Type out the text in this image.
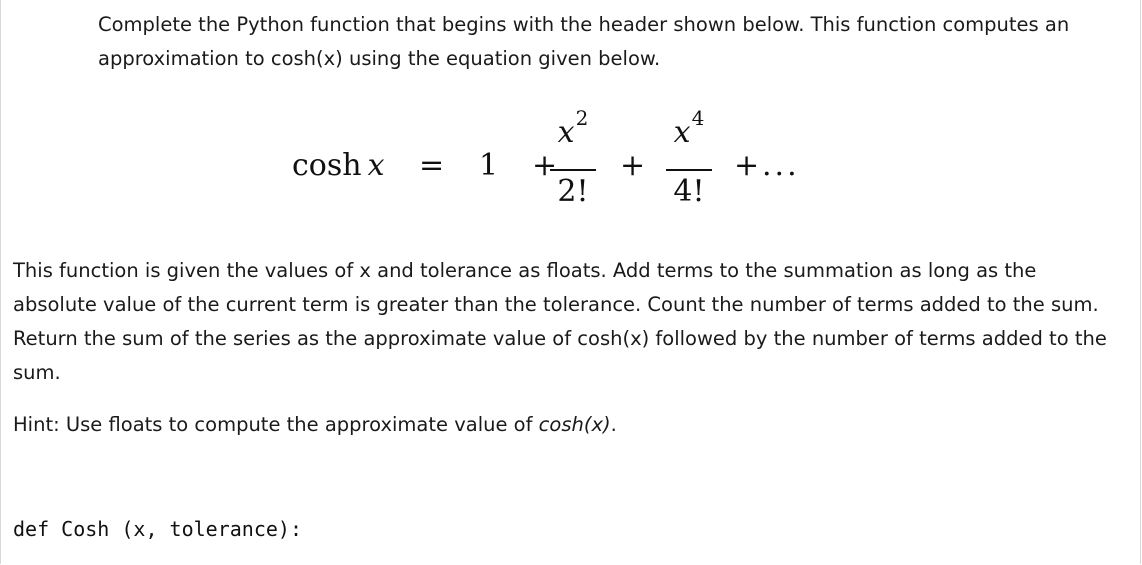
Complete the Python function that begins with the header shown below. This function computes an approximation to cosh(x) using the equation given below.
cosh  x = 1 +
$x^2$
2!
+
$x^4$
4!
+ ...
This function is given the values of x and tolerance as floats. Add terms to the summation as long as the absolute value of the current term is greater than the tolerance. Count the number of terms added to the sum. Return the sum of the series as the approximate value of cosh(x) followed by the number of terms added to the sum.
Hint: Use floats to compute the approximate value of cosh(x).
def Cosh (x, tolerance):
